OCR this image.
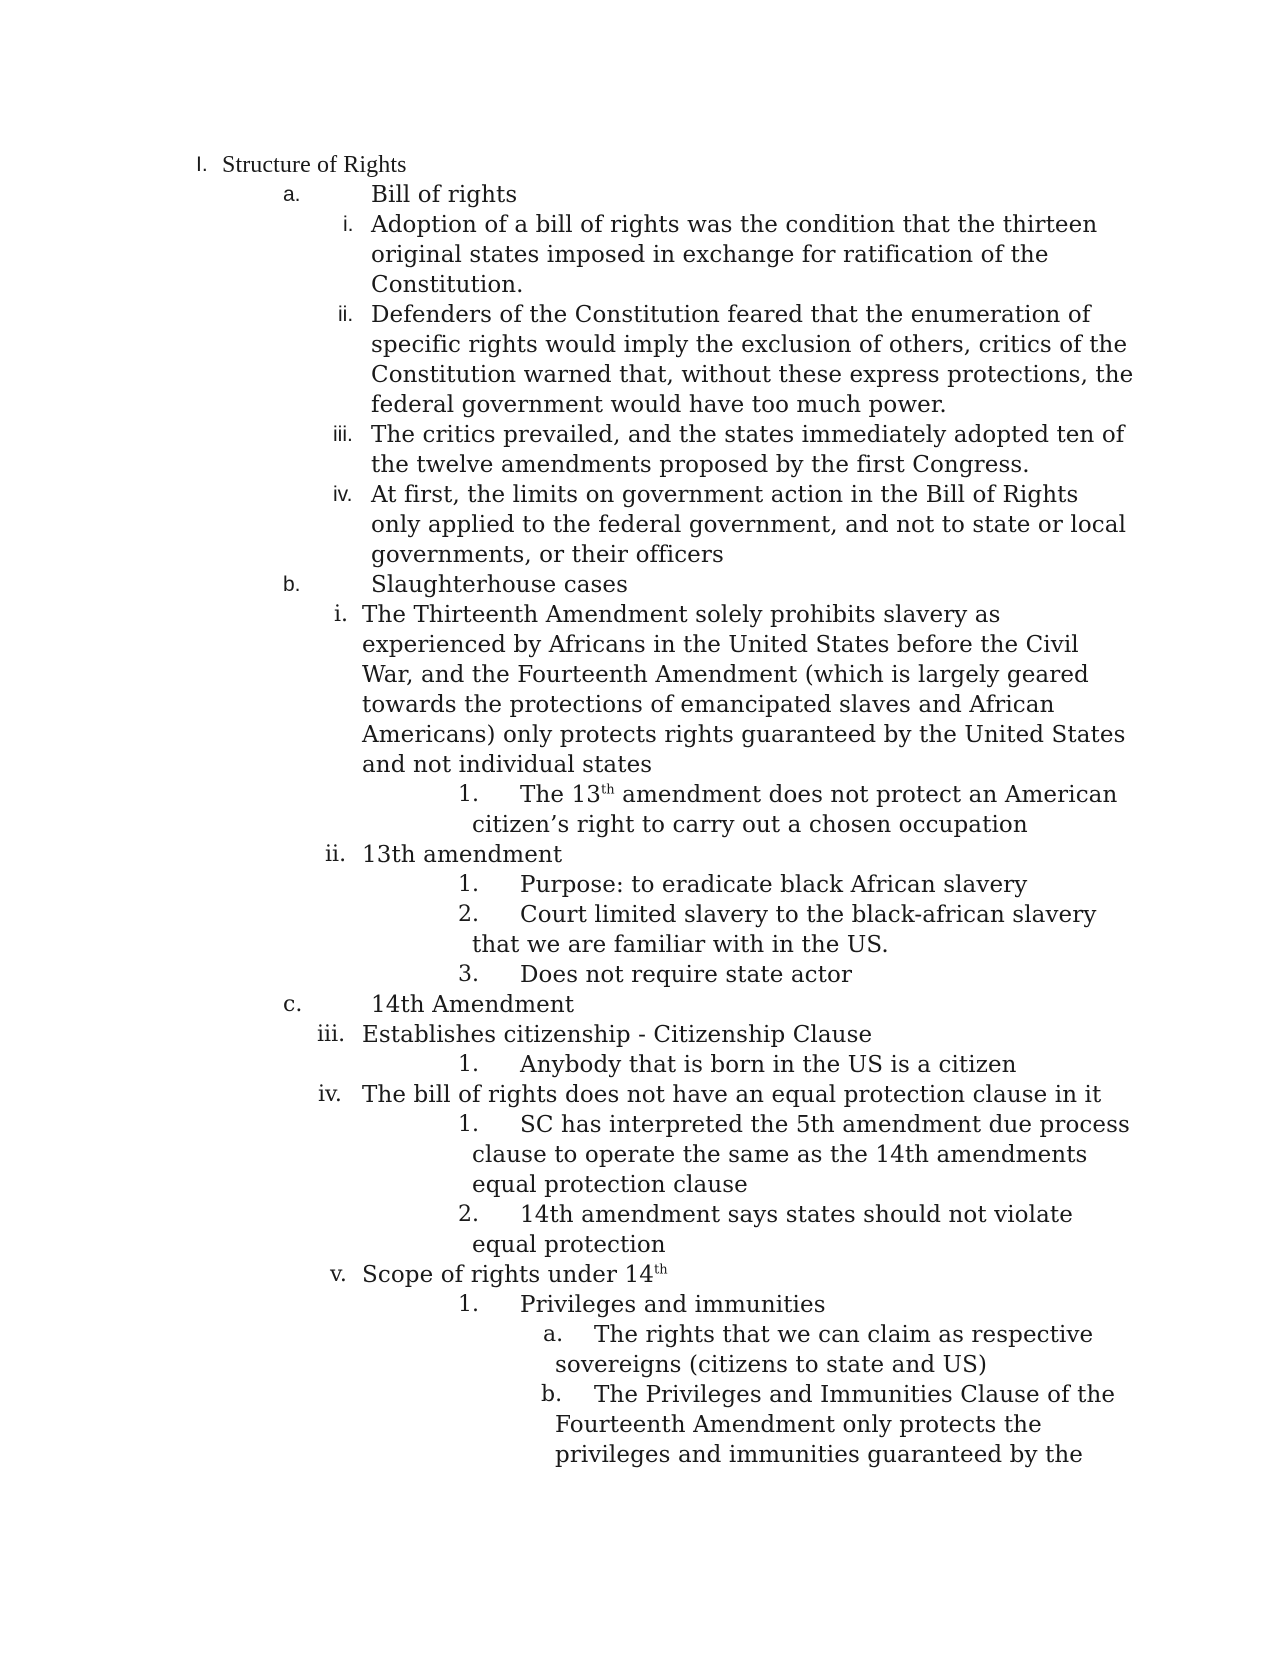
I. Structure of Rights
a.	Bill of rights
i. Adoption of a bill of rights was the condition that the thirteen
original states imposed in exchange for ratification of the
Constitution.
ii. Defenders of the Constitution feared that the enumeration of
specific rights would imply the exclusion of others, critics of the
Constitution warned that, without these express protections, the
federal government would have too much power.
iii. The critics prevailed, and the states immediately adopted ten of
the twelve amendments proposed by the first Congress.
iv. At first, the limits on government action in the Bill of Rights
only applied to the federal government, and not to state or local
governments, or their officers
b.	Slaughterhouse cases
i. The Thirteenth Amendment solely prohibits slavery as
experienced by Africans in the United States before the Civil
War, and the Fourteenth Amendment (which is largely geared
towards the protections of emancipated slaves and African
Americans) only protects rights guaranteed by the United States
and not individual states
1. The 13th amendment does not protect an American
citizen’s right to carry out a chosen occupation
ii. 13th amendment
1. Purpose: to eradicate black African slavery
2. Court limited slavery to the black-african slavery
that we are familiar with in the US.
3. Does not require state actor
c.	14th Amendment
iii. Establishes citizenship - Citizenship Clause
1. Anybody that is born in the US is a citizen
iv. The bill of rights does not have an equal protection clause in it
1. SC has interpreted the 5th amendment due process
clause to operate the same as the 14th amendments
equal protection clause
2. 14th amendment says states should not violate
equal protection
v. Scope of rights under 14th
1. Privileges and immunities
a. The rights that we can claim as respective
sovereigns (citizens to state and US)
b. The Privileges and Immunities Clause of the
Fourteenth Amendment only protects the
privileges and immunities guaranteed by the
